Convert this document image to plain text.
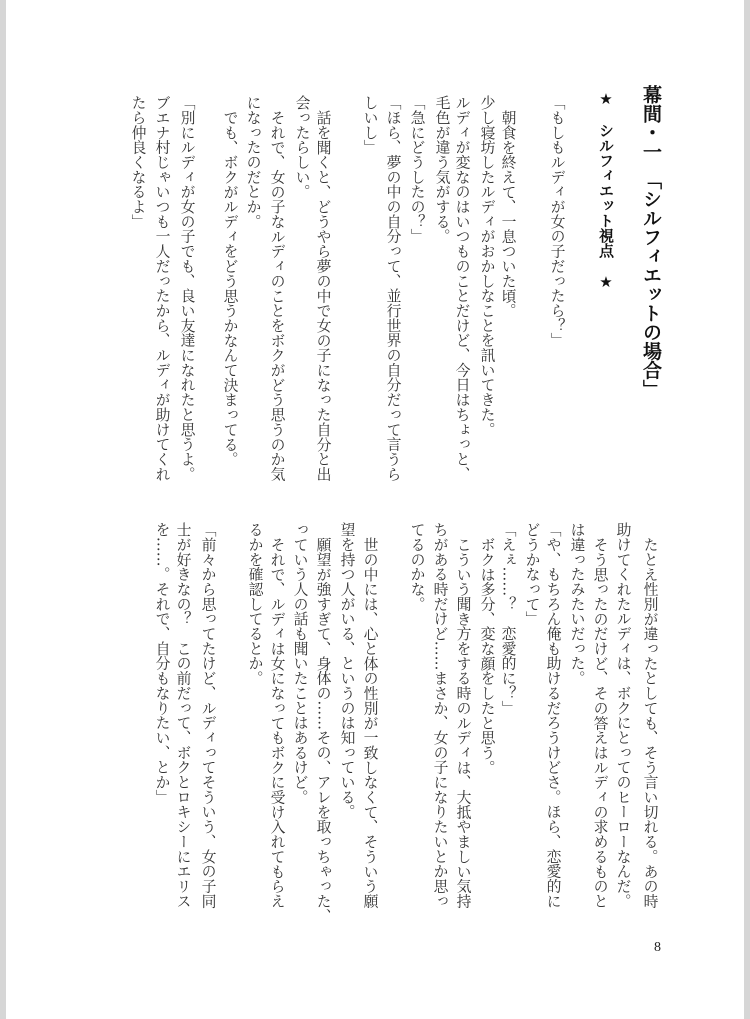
幕間・一　「シルフィエットの場合」
★　シルフィエット視点　★
「もしもルディが女の子だったら？」
朝食を終えて、一息ついた頃。
少し寝坊したルディがおかしなことを訊いてきた。
ルディが変なのはいつものことだけど、今日はちょっと、
毛色が違う気がする。
「急にどうしたの？」
「ほら、夢の中の自分って、並行世界の自分だって言うら
しいし」
話を聞くと、どうやら夢の中で女の子になった自分と出
会ったらしい。
それで、女の子なルディのことをボクがどう思うのか気
になったのだとか。
でも、ボクがルディをどう思うかなんて決まってる。
「別にルディが女の子でも、良い友達になれたと思うよ。
ブエナ村じゃいつも一人だったから、ルディが助けてくれ
たら仲良くなるよ」
たとえ性別が違ったとしても、そう言い切れる。あの時
助けてくれたルディは、ボクにとってのヒーローなんだ。
そう思ったのだけど、その答えはルディの求めるものと
は違ったみたいだった。
「や、もちろん俺も助けるだろうけどさ。ほら、恋愛的に
どうかなって」
「えぇ……？　恋愛的に？」
ボクは多分、変な顔をしたと思う。
こういう聞き方をする時のルディは、大抵やましい気持
ちがある時だけど……まさか、女の子になりたいとか思っ
てるのかな。
世の中には、心と体の性別が一致しなくて、そういう願
望を持つ人がいる、というのは知っている。
願望が強すぎて、身体の……その、アレを取っちゃった、
っていう人の話も聞いたことはあるけど。
それで、ルディは女になってもボクに受け入れてもらえ
るかを確認してるとか。
「前々から思ってたけど、ルディってそういう、女の子同
士が好きなの？　この前だって、ボクとロキシーにエリス
を……。それで、自分もなりたい、とか」
8
